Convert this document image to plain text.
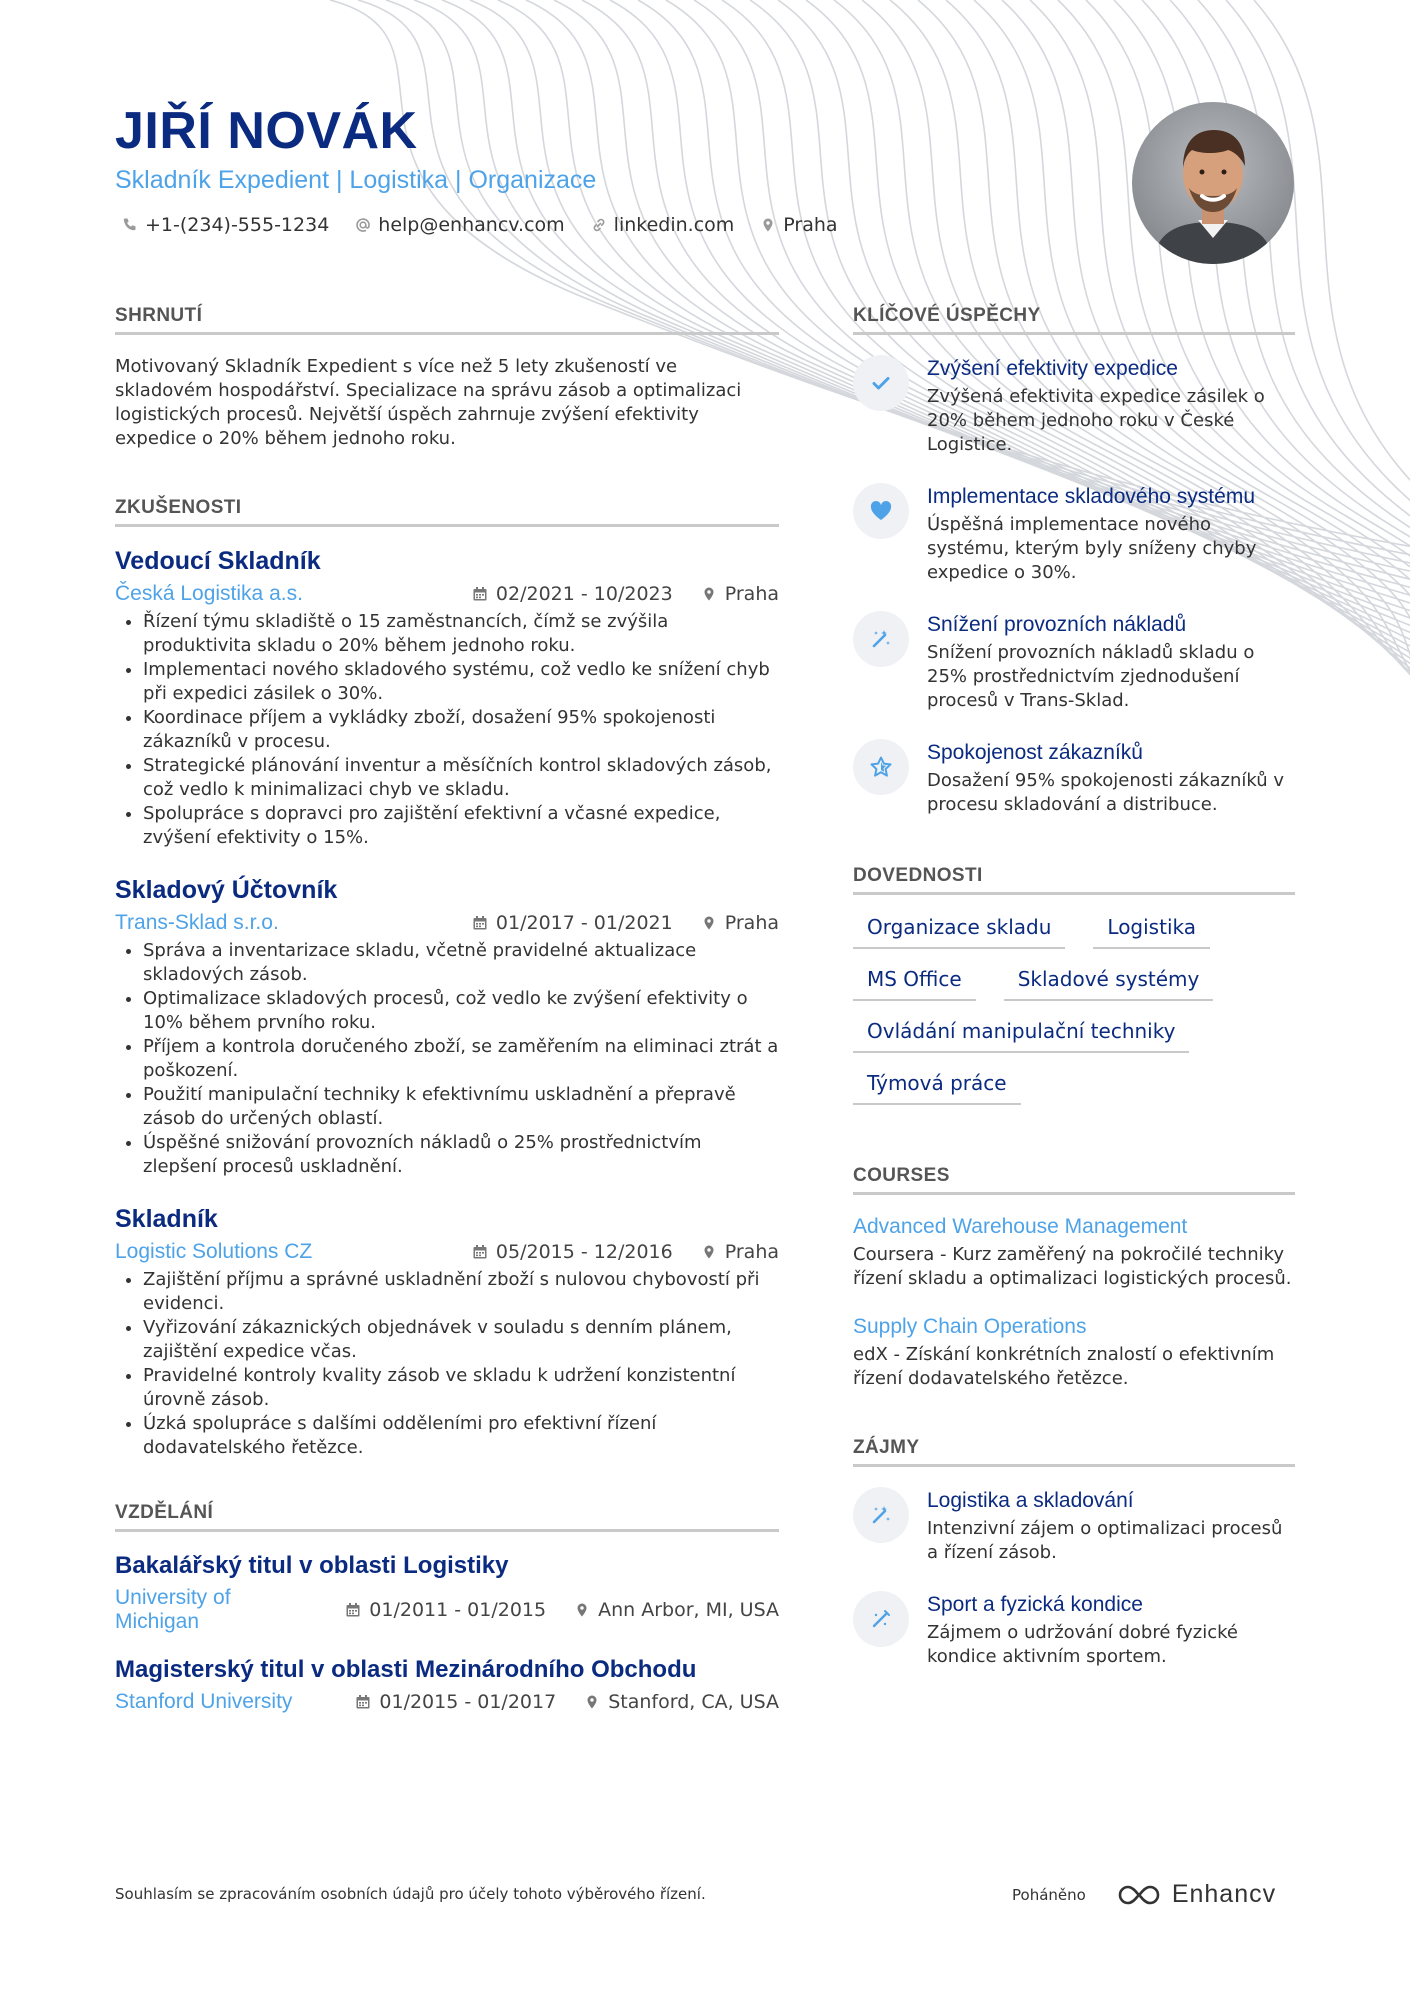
JIŘÍ NOVÁK

Skladník Expedient | Logistika | Organizace

+1-(234)-555-1234	help@enhancv.com	linkedin.com	Praha
SHRNUTÍ

Motivovaný Skladník Expedient s více než 5 lety zkušeností ve skladovém hospodářství. Specializace na správu zásob a optimalizaci logistických procesů. Největší úspěch zahrnuje zvýšení efektivity expedice o 20% během jednoho roku.

ZKUŠENOSTI
Vedoucí Skladník
Česká Logistika a.s.	02/2021 - 10/2023	Praha
• Řízení týmu skladiště o 15 zaměstnancích, čímž se zvýšila produktivita skladu o 20% během jednoho roku.
• Implementaci nového skladového systému, což vedlo ke snížení chyb při expedici zásilek o 30%.
• Koordinace příjem a vykládky zboží, dosažení 95% spokojenosti zákazníků v procesu.
• Strategické plánování inventur a měsíčních kontrol skladových zásob, což vedlo k minimalizaci chyb ve skladu.
• Spolupráce s dopravci pro zajištění efektivní a včasné expedice, zvýšení efektivity o 15%.
Skladový Účtovník
Trans-Sklad s.r.o.	01/2017 - 01/2021	Praha
• Správa a inventarizace skladu, včetně pravidelné aktualizace skladových zásob.
• Optimalizace skladových procesů, což vedlo ke zvýšení efektivity o 10% během prvního roku.
• Příjem a kontrola doručeného zboží, se zaměřením na eliminaci ztrát a poškození.
• Použití manipulační techniky k efektivnímu uskladnění a přepravě zásob do určených oblastí.
• Úspěšné snižování provozních nákladů o 25% prostřednictvím zlepšení procesů uskladnění.
Skladník
Logistic Solutions CZ	05/2015 - 12/2016	Praha
• Zajištění příjmu a správné uskladnění zboží s nulovou chybovostí při evidenci.
• Vyřizování zákaznických objednávek v souladu s denním plánem, zajištění expedice včas.
• Pravidelné kontroly kvality zásob ve skladu k udržení konzistentní úrovně zásob.
• Úzká spolupráce s dalšími odděleními pro efektivní řízení dodavatelského řetězce.
VZDĚLÁNÍ
Bakalářský titul v oblasti Logistiky
University of Michigan	01/2011 - 01/2015	Ann Arbor, MI, USA
Magisterský titul v oblasti Mezinárodního Obchodu
Stanford University	01/2015 - 01/2017	Stanford, CA, USA
KLÍČOVÉ ÚSPĚCHY
Zvýšení efektivity expedice
Zvýšená efektivita expedice zásilek o 20% během jednoho roku v České Logistice.
Implementace skladového systému
Úspěšná implementace nového systému, kterým byly sníženy chyby expedice o 30%.
Snížení provozních nákladů
Snížení provozních nákladů skladu o 25% prostřednictvím zjednodušení procesů v Trans-Sklad.
Spokojenost zákazníků
Dosažení 95% spokojenosti zákazníků v procesu skladování a distribuce.
DOVEDNOSTI
Organizace skladu	Logistika
MS Office	Skladové systémy
Ovládání manipulační techniky
Týmová práce
COURSES
Advanced Warehouse Management
Coursera - Kurz zaměřený na pokročilé techniky řízení skladu a optimalizaci logistických procesů.
Supply Chain Operations
edX - Získání konkrétních znalostí o efektivním řízení dodavatelského řetězce.
ZÁJMY
Logistika a skladování
Intenzivní zájem o optimalizaci procesů a řízení zásob.
Sport a fyzická kondice
Zájmem o udržování dobré fyzické kondice aktivním sportem.
Souhlasím se zpracováním osobních údajů pro účely tohoto výběrového řízení.	Poháněno	Enhancv
